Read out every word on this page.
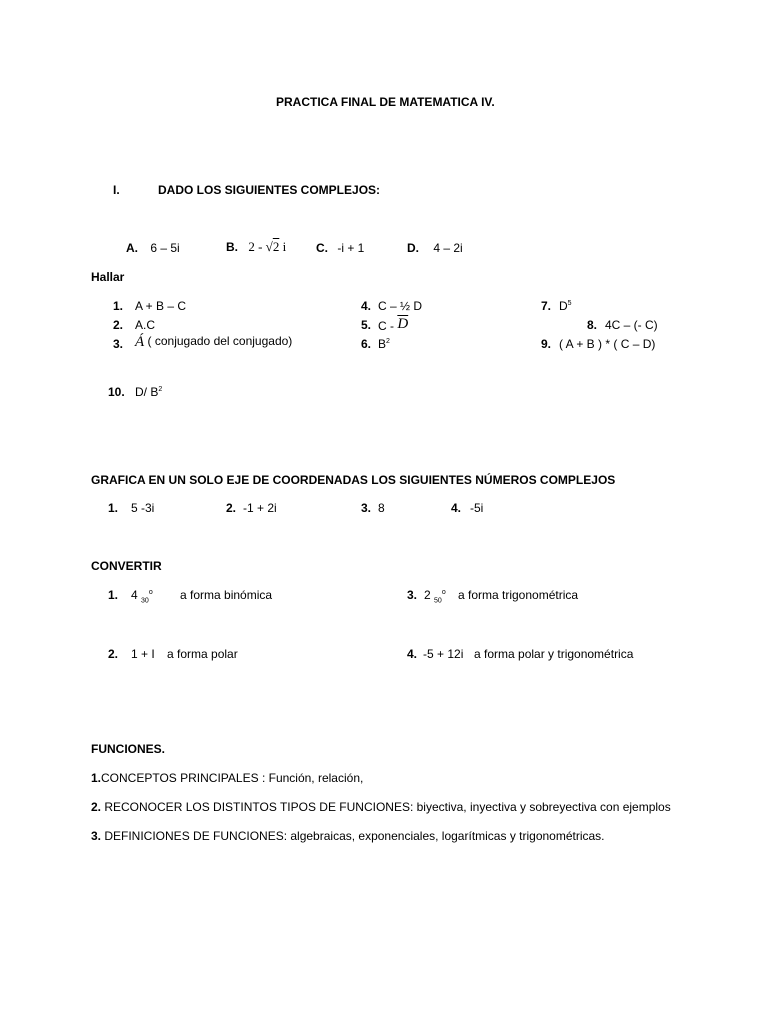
PRACTICA FINAL DE MATEMATICA IV.
I.	DADO LOS SIGUIENTES COMPLEJOS:
A. 6 – 5i	B. 2 - √2 i C. -i + 1	D. 4 – 2i
Hallar
1. A + B – C
2. A.C
3. Á ( conjugado del conjugado)
4. C – ½ D
5. C - $\overline{D}$
6. $B^2$
7. $D^5$
8. 4C – (- C)
9. ( A + B ) * ( C – D)
10. D/ $B^2$
GRAFICA EN UN SOLO EJE DE COORDENADAS LOS SIGUIENTES NÚMEROS COMPLEJOS
1. 5 -3i	2. -1 + 2i	3. 8	4. -5i
CONVERTIR
1. 4 $_{30}^o$ a forma binómica	3. 2 $_{50}^o$ a forma trigonométrica
2. 1 + I a forma polar	4. -5 + 12i a forma polar y trigonométrica
FUNCIONES.
1.CONCEPTOS PRINCIPALES : Función, relación,
2. RECONOCER LOS DISTINTOS TIPOS DE FUNCIONES: biyectiva, inyectiva y sobreyectiva con ejemplos
3. DEFINICIONES DE FUNCIONES: algebraicas, exponenciales, logarítmicas y trigonométricas.
